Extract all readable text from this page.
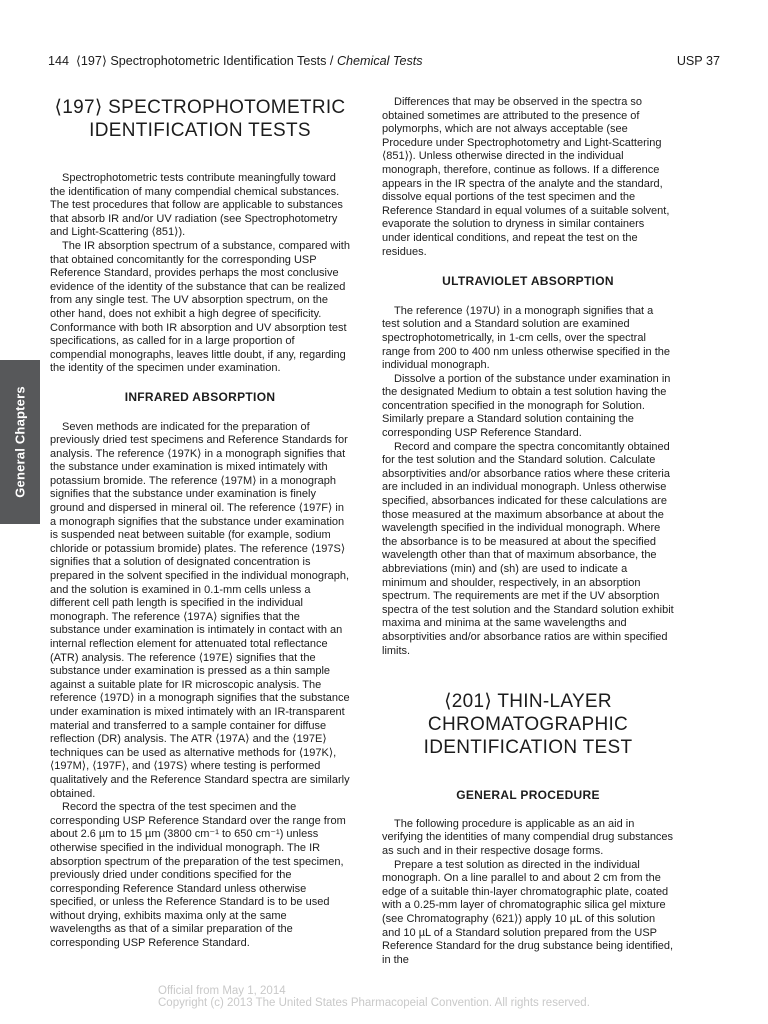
144 ⟨197⟩ Spectrophotometric Identification Tests / Chemical Tests	USP 37
General Chapters
⟨197⟩ SPECTROPHOTOMETRIC
IDENTIFICATION TESTS

Spectrophotometric tests contribute meaningfully toward the identification of many compendial chemical substances. The test procedures that follow are applicable to substances that absorb IR and/or UV radiation (see Spectrophotometry and Light-Scattering ⟨851⟩).

The IR absorption spectrum of a substance, compared with that obtained concomitantly for the corresponding USP Reference Standard, provides perhaps the most conclusive evidence of the identity of the substance that can be realized from any single test. The UV absorption spectrum, on the other hand, does not exhibit a high degree of specificity. Conformance with both IR absorption and UV absorption test specifications, as called for in a large proportion of compendial monographs, leaves little doubt, if any, regarding the identity of the specimen under examination.

INFRARED ABSORPTION

Seven methods are indicated for the preparation of previously dried test specimens and Reference Standards for analysis. The reference ⟨197K⟩ in a monograph signifies that the substance under examination is mixed intimately with potassium bromide. The reference ⟨197M⟩ in a monograph signifies that the substance under examination is finely ground and dispersed in mineral oil. The reference ⟨197F⟩ in a monograph signifies that the substance under examination is suspended neat between suitable (for example, sodium chloride or potassium bromide) plates. The reference ⟨197S⟩ signifies that a solution of designated concentration is prepared in the solvent specified in the individual monograph, and the solution is examined in 0.1-mm cells unless a different cell path length is specified in the individual monograph. The reference ⟨197A⟩ signifies that the substance under examination is intimately in contact with an internal reflection element for attenuated total reflectance (ATR) analysis. The reference ⟨197E⟩ signifies that the substance under examination is pressed as a thin sample against a suitable plate for IR microscopic analysis. The reference ⟨197D⟩ in a monograph signifies that the substance under examination is mixed intimately with an IR-transparent material and transferred to a sample container for diffuse reflection (DR) analysis. The ATR ⟨197A⟩ and the ⟨197E⟩ techniques can be used as alternative methods for ⟨197K⟩, ⟨197M⟩, ⟨197F⟩, and ⟨197S⟩ where testing is performed qualitatively and the Reference Standard spectra are similarly obtained.

Record the spectra of the test specimen and the corresponding USP Reference Standard over the range from about 2.6 µm to 15 µm (3800 cm⁻¹ to 650 cm⁻¹) unless otherwise specified in the individual monograph. The IR absorption spectrum of the preparation of the test specimen, previously dried under conditions specified for the corresponding Reference Standard unless otherwise specified, or unless the Reference Standard is to be used without drying, exhibits maxima only at the same wavelengths as that of a similar preparation of the corresponding USP Reference Standard.

Differences that may be observed in the spectra so obtained sometimes are attributed to the presence of polymorphs, which are not always acceptable (see Procedure under Spectrophotometry and Light-Scattering ⟨851⟩). Unless otherwise directed in the individual monograph, therefore, continue as follows. If a difference appears in the IR spectra of the analyte and the standard, dissolve equal portions of the test specimen and the Reference Standard in equal volumes of a suitable solvent, evaporate the solution to dryness in similar containers under identical conditions, and repeat the test on the residues.

ULTRAVIOLET ABSORPTION

The reference ⟨197U⟩ in a monograph signifies that a test solution and a Standard solution are examined spectrophotometrically, in 1-cm cells, over the spectral range from 200 to 400 nm unless otherwise specified in the individual monograph.

Dissolve a portion of the substance under examination in the designated Medium to obtain a test solution having the concentration specified in the monograph for Solution. Similarly prepare a Standard solution containing the corresponding USP Reference Standard.

Record and compare the spectra concomitantly obtained for the test solution and the Standard solution. Calculate absorptivities and/or absorbance ratios where these criteria are included in an individual monograph. Unless otherwise specified, absorbances indicated for these calculations are those measured at the maximum absorbance at about the wavelength specified in the individual monograph. Where the absorbance is to be measured at about the specified wavelength other than that of maximum absorbance, the abbreviations (min) and (sh) are used to indicate a minimum and shoulder, respectively, in an absorption spectrum. The requirements are met if the UV absorption spectra of the test solution and the Standard solution exhibit maxima and minima at the same wavelengths and absorptivities and/or absorbance ratios are within specified limits.

⟨201⟩ THIN-LAYER
CHROMATOGRAPHIC
IDENTIFICATION TEST
GENERAL PROCEDURE

The following procedure is applicable as an aid in verifying the identities of many compendial drug substances as such and in their respective dosage forms.

Prepare a test solution as directed in the individual monograph. On a line parallel to and about 2 cm from the edge of a suitable thin-layer chromatographic plate, coated with a 0.25-mm layer of chromatographic silica gel mixture (see Chromatography ⟨621⟩) apply 10 µL of this solution and 10 µL of a Standard solution prepared from the USP Reference Standard for the drug substance being identified, in the

Official from May 1, 2014
Copyright (c) 2013 The United States Pharmacopeial Convention. All rights reserved.
